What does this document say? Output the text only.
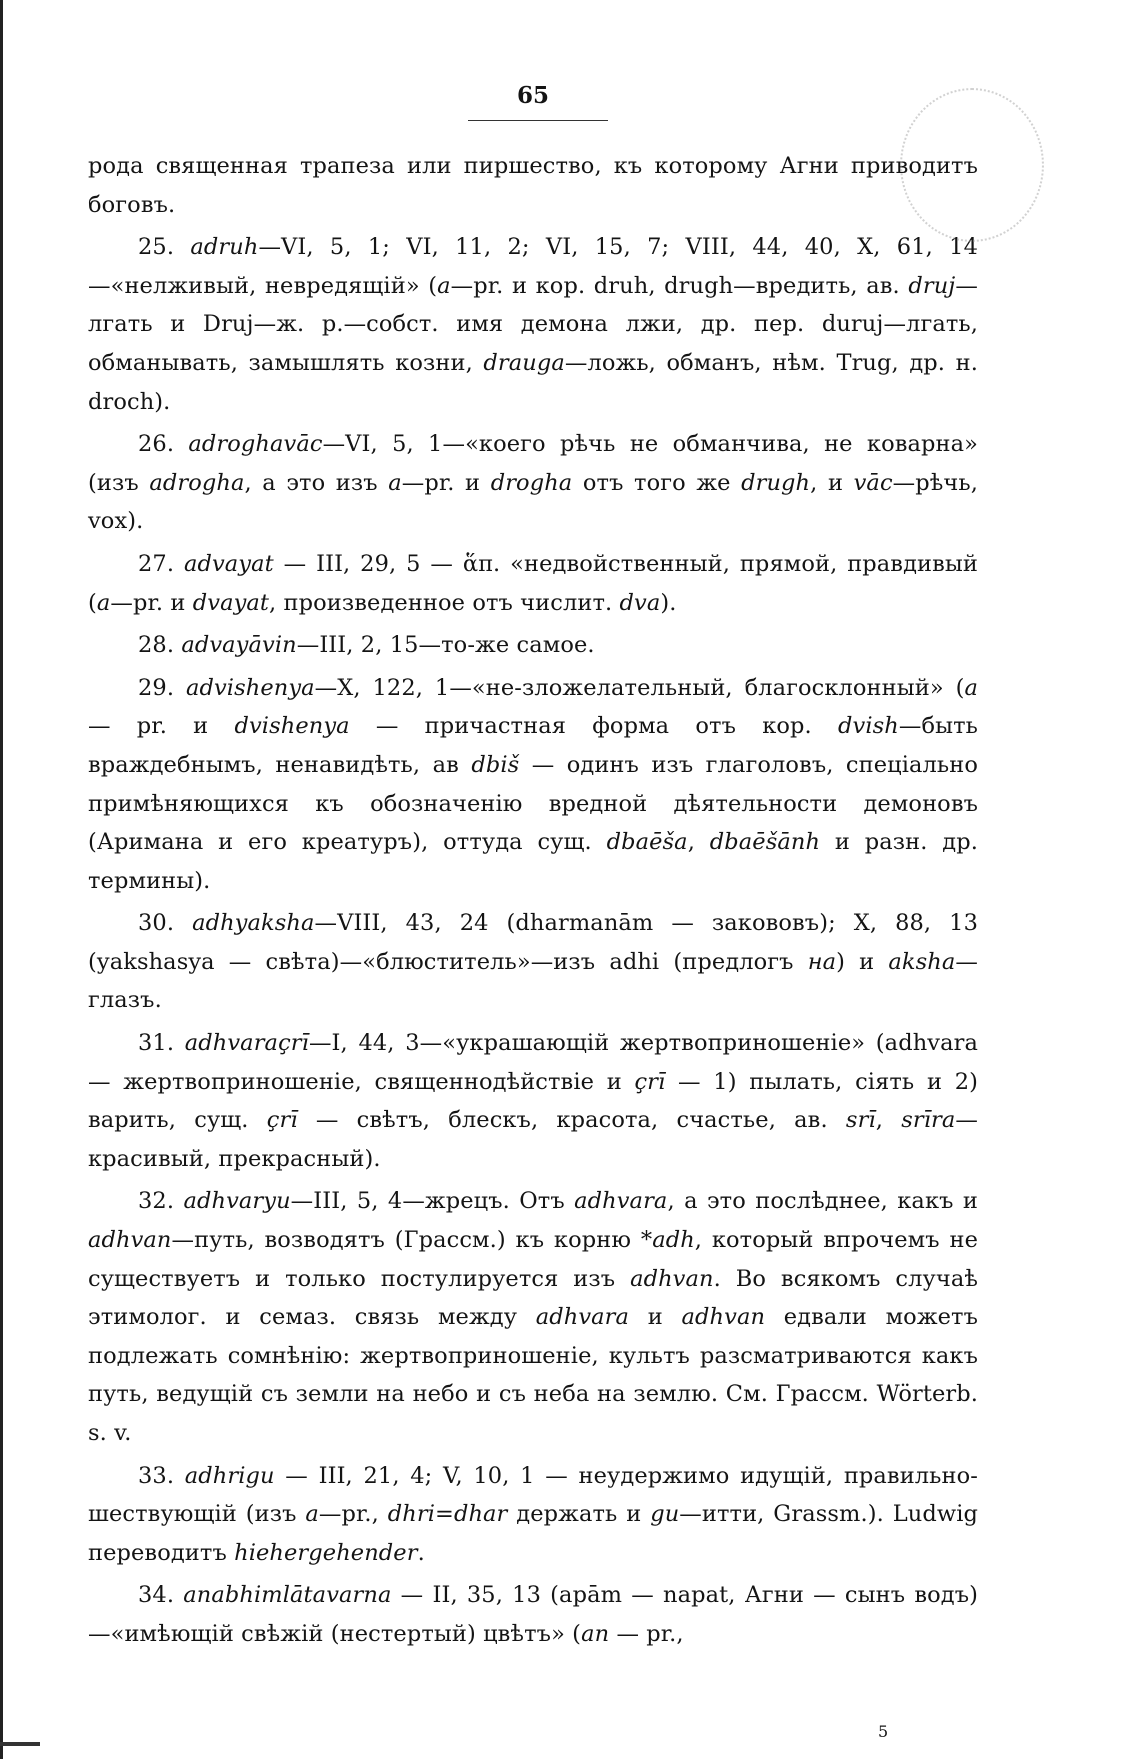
65

рода священная трапеза или пиршество, къ которому Агни приводитъ боговъ.

25. adruh—VI, 5, 1; VI, 11, 2; VI, 15, 7; VIII, 44, 40, X, 61, 14—«нелживый, невредящій» (a—pr. и кор. druh, drugh—вредить, ав. druj—лгать и Druj—ж. р.—собст. имя демона лжи, др. пер. duruj—лгать, обманывать, замышлять козни, drauga—ложь, обманъ, нѣм. Trug, др. н. droch).

26. adroghavāc—VI, 5, 1—«коего рѣчь не обманчива, не коварна» (изъ adrogha, а это изъ a—pr. и drogha отъ того же drugh, и vāc—рѣчь, vox).

27. advayat — III, 29, 5 — ἅπ. «недвойственный, прямой, правдивый (a—pr. и dvayat, произведенное отъ числит. dva).

28. advayāvin—III, 2, 15—то-же самое.

29. advishenya—X, 122, 1—«не-зложелательный, благосклонный» (a — pr. и dvishenya — причастная форма отъ кор. dvish—быть враждебнымъ, ненавидѣть, ав dbiš — одинъ изъ глаголовъ, спеціально примѣняющихся къ обозначенію вредной дѣятельности демоновъ (Аримана и его креатуръ), оттуда сущ. dbaēša, dbaēšānh и разн. др. термины).

30. adhyaksha—VIII, 43, 24 (dharmanām — закововъ); X, 88, 13 (yakshasya — свѣта)—«блюститель»—изъ adhi (предлогъ на) и aksha—глазъ.

31. adhvaraçrī—I, 44, 3—«украшающій жертвоприношеніе» (adhvara — жертвоприношеніе, священнодѣйствіе и çrī — 1) пылать, сіять и 2) варить, сущ. çrī — свѣтъ, блескъ, красота, счастье, ав. srī, srīra—красивый, прекрасный).

32. adhvaryu—III, 5, 4—жрецъ. Отъ adhvara, а это послѣднее, какъ и adhvan—путь, возводятъ (Грассм.) къ корню *adh, который впрочемъ не существуетъ и только постулируется изъ adhvan. Во всякомъ случаѣ этимолог. и семаз. связь между adhvara и adhvan едвали можетъ подлежать сомнѣнію: жертвоприношеніе, культъ разсматриваются какъ путь, ведущій съ земли на небо и съ неба на землю. См. Грассм. Wörterb. s. v.

33. adhrigu — III, 21, 4; V, 10, 1 — неудержимо идущій, правильно-шествующій (изъ a—pr., dhri=dhar держать и gu—итти, Grassm.). Ludwig переводитъ hiehergehender.

34. anabhimlātavarna — II, 35, 13 (apām — napat, Агни — сынъ водъ) —«имѣющій свѣжій (нестертый) цвѣтъ» (an — pr.,

5
